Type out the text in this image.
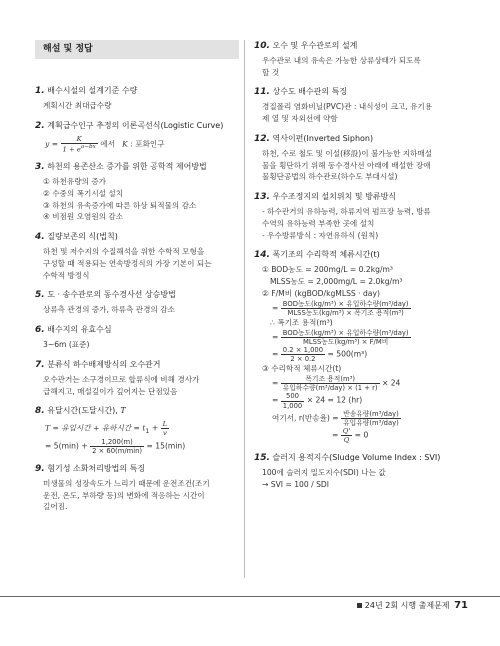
해설 및 정답
1. 배수시설의 설계기준 수량
계획시간 최대급수량
2. 계획급수인구 추정의 이론곡선식(Logistic Curve)
$y = \frac{K}{1 + e^{a-bx}}$ 에서 K : 포화인구
3. 하천의 용존산소 증가를 위한 공학적 제어방법
① 하천유량의 증가
② 수중의 폭기시설 설치
③ 하천의 유속증가에 따른 하상 퇴적물의 감소
④ 비점원 오염원의 감소
4. 질량보존의 식(법칙)
하천 및 저수지의 수질해석을 위한 수학적 모형을
구성할 때 적용되는 연속방정식의 가장 기본이 되는
수학적 방정식
5. 도 · 송수관로의 동수경사선 상승방법
상류측 관경의 증가, 하류측 관경의 감소
6. 배수지의 유효수심
3~6m (표준)
7. 분류식 하수배제방식의 오수관거
오수관거는 소구경이므로 합류식에 비해 경사가
급해지고, 매설깊이가 깊어지는 단점있음
8. 유달시간(도달시간), T
T = 유입시간 + 유하시간 = $t_1 + \frac{L}{v}$
= $5(\min) + \frac{1,200(m)}{2 \times 60(m/\min)} = 15(\min)$
9. 혐기성 소화처리방법의 특징
미생물의 성장속도가 느리기 때문에 운전조건(조기
운전, 온도, 부하량 등)의 변화에 적응하는 시간이
길어짐.
10. 오수 및 우수관로의 설계
우수관로 내의 유속은 가능한 상류상태가 되도록
할 것
11. 상수도 배수관의 특징
경질폴리 염화비닐(PVC)관 : 내식성이 크고, 유기용
제 열 및 자외선에 약함
12. 역사이펀(Inverted Siphon)
하천, 수로 철도 및 이설(移設)이 불가능한 지하매설
물을 횡단하기 위해 동수경사선 아래에 배설한 장애
물횡단공법의 하수관로(하수도 부대시설)
13. 우수조정지의 설치위치 및 방류방식
- 하수관거의 유하능력, 하류지역 펌프장 능력, 방류
수역의 유하능력 부족한 곳에 설치
- 우수방류방식 : 자연유하식 (원칙)
14. 폭기조의 수리학적 체류시간(t)
① BOD농도 = 200mg/L = 0.2kg/m³
MLSS농도 = 2,000mg/L = 2.0kg/m³
② F/M비 (kgBOD/kgMLSS · day)
= $\frac{\text{BOD농도(kg/m³) × 유입하수량(m³/day)}}{\text{MLSS농도(kg/m³) × 폭기조 용적(m³)}}$
∴ 폭기조 용적(m³)
= $\frac{\text{BOD농도(kg/m³) × 유입하수량(m³/day)}}{\text{MLSS농도(kg/m³) × F/M비}}$
= $\frac{0.2 \times 1,000}{2 \times 0.2} = 500(m^3)$
③ 수리학적 체류시간(t)
= $\frac{\text{폭기조 용적(m³)}}{\text{유입하수량(m³/day) × (1 + r)}} \times 24$
= $\frac{500}{1,000} \times 24 = 12$ (hr)
여기서, r(반송율) = $\frac{\text{반송유량(m³/day)}}{\text{유입유량(m³/day)}}$
= $\frac{Q'}{Q} = 0$
15. 슬러지 용적지수(Sludge Volume Index : SVI)
100에 슬러지 밀도지수(SDI) 나는 값
→ SVI = 100 / SDI
24년 2회 시행 출제문제 71
